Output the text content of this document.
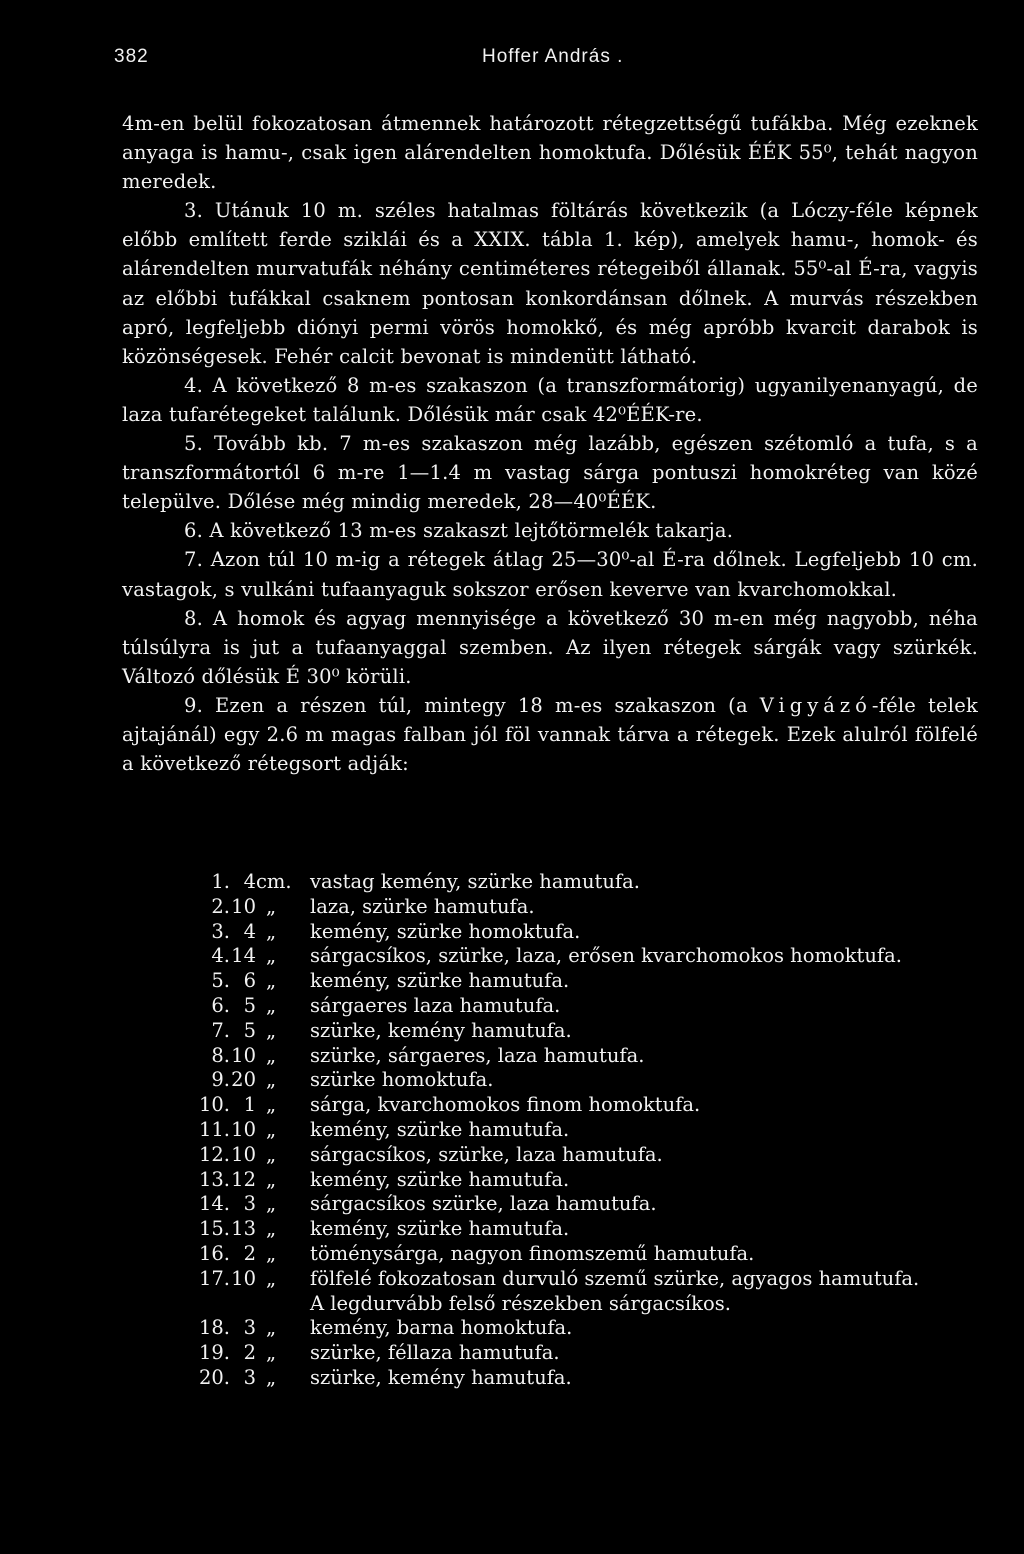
382	Hoffer András .

4m-en belül fokozatosan átmennek határozott rétegzettségű tufákba. Még ezeknek anyaga is hamu-, csak igen alárendelten homoktufa. Dőlésük ÉÉK 55⁰, tehát nagyon meredek.

3. Utánuk 10 m. széles hatalmas föltárás következik (a Lóczy-féle képnek előbb említett ferde sziklái és a XXIX. tábla 1. kép), amelyek hamu-, homok- és alárendelten murvatufák néhány centiméteres rétegeiből állanak. 55⁰-al É-ra, vagyis az előbbi tufákkal csaknem pontosan konkordánsan dőlnek. A murvás részekben apró, legfeljebb diónyi permi vörös homokkő, és még apróbb kvarcit darabok is közönségesek. Fehér calcit bevonat is mindenütt látható.

4. A következő 8 m-es szakaszon (a transzformátorig) ugyanilyenanyagú, de laza tufarétegeket találunk. Dőlésük már csak 42⁰ÉÉK-re.

5. Tovább kb. 7 m-es szakaszon még lazább, egészen szétomló a tufa, s a transzformátortól 6 m-re 1—1.4 m vastag sárga pontuszi homokréteg van közé települve. Dőlése még mindig meredek, 28—40⁰ÉÉK.

6. A következő 13 m-es szakaszt lejtőtörmelék takarja.

7. Azon túl 10 m-ig a rétegek átlag 25—30⁰-al É-ra dőlnek. Legfeljebb 10 cm. vastagok, s vulkáni tufaanyaguk sokszor erősen keverve van kvarchomokkal.

8. A homok és agyag mennyisége a következő 30 m-en még nagyobb, néha túlsúlyra is jut a tufaanyaggal szemben. Az ilyen rétegek sárgák vagy szürkék. Változó dőlésük É 30⁰ körüli.

9. Ezen a részen túl, mintegy 18 m-es szakaszon (a Vigyázó-féle telek ajtajánál) egy 2.6 m magas falban jól föl vannak tárva a rétegek. Ezek alulról fölfelé a következő rétegsort adják:

1. 4 cm. vastag kemény, szürke hamutufa.
2. 10 „ laza, szürke hamutufa.
3. 4 „ kemény, szürke homoktufa.
4. 14 „ sárgacsíkos, szürke, laza, erősen kvarchomokos homoktufa.
5. 6 „ kemény, szürke hamutufa.
6. 5 „ sárgaeres laza hamutufa.
7. 5 „ szürke, kemény hamutufa.
8. 10 „ szürke, sárgaeres, laza hamutufa.
9. 20 „ szürke homoktufa.
10. 1 „ sárga, kvarchomokos finom homoktufa.
11. 10 „ kemény, szürke hamutufa.
12. 10 „ sárgacsíkos, szürke, laza hamutufa.
13. 12 „ kemény, szürke hamutufa.
14. 3 „ sárgacsíkos szürke, laza hamutufa.
15. 13 „ kemény, szürke hamutufa.
16. 2 „ töménysárga, nagyon finomszemű hamutufa.
17. 10 „ fölfelé fokozatosan durvuló szemű szürke, agyagos hamutufa.
A legdurvább felső részekben sárgacsíkos.
18. 3 „ kemény, barna homoktufa.
19. 2 „ szürke, féllaza hamutufa.
20. 3 „ szürke, kemény hamutufa.
